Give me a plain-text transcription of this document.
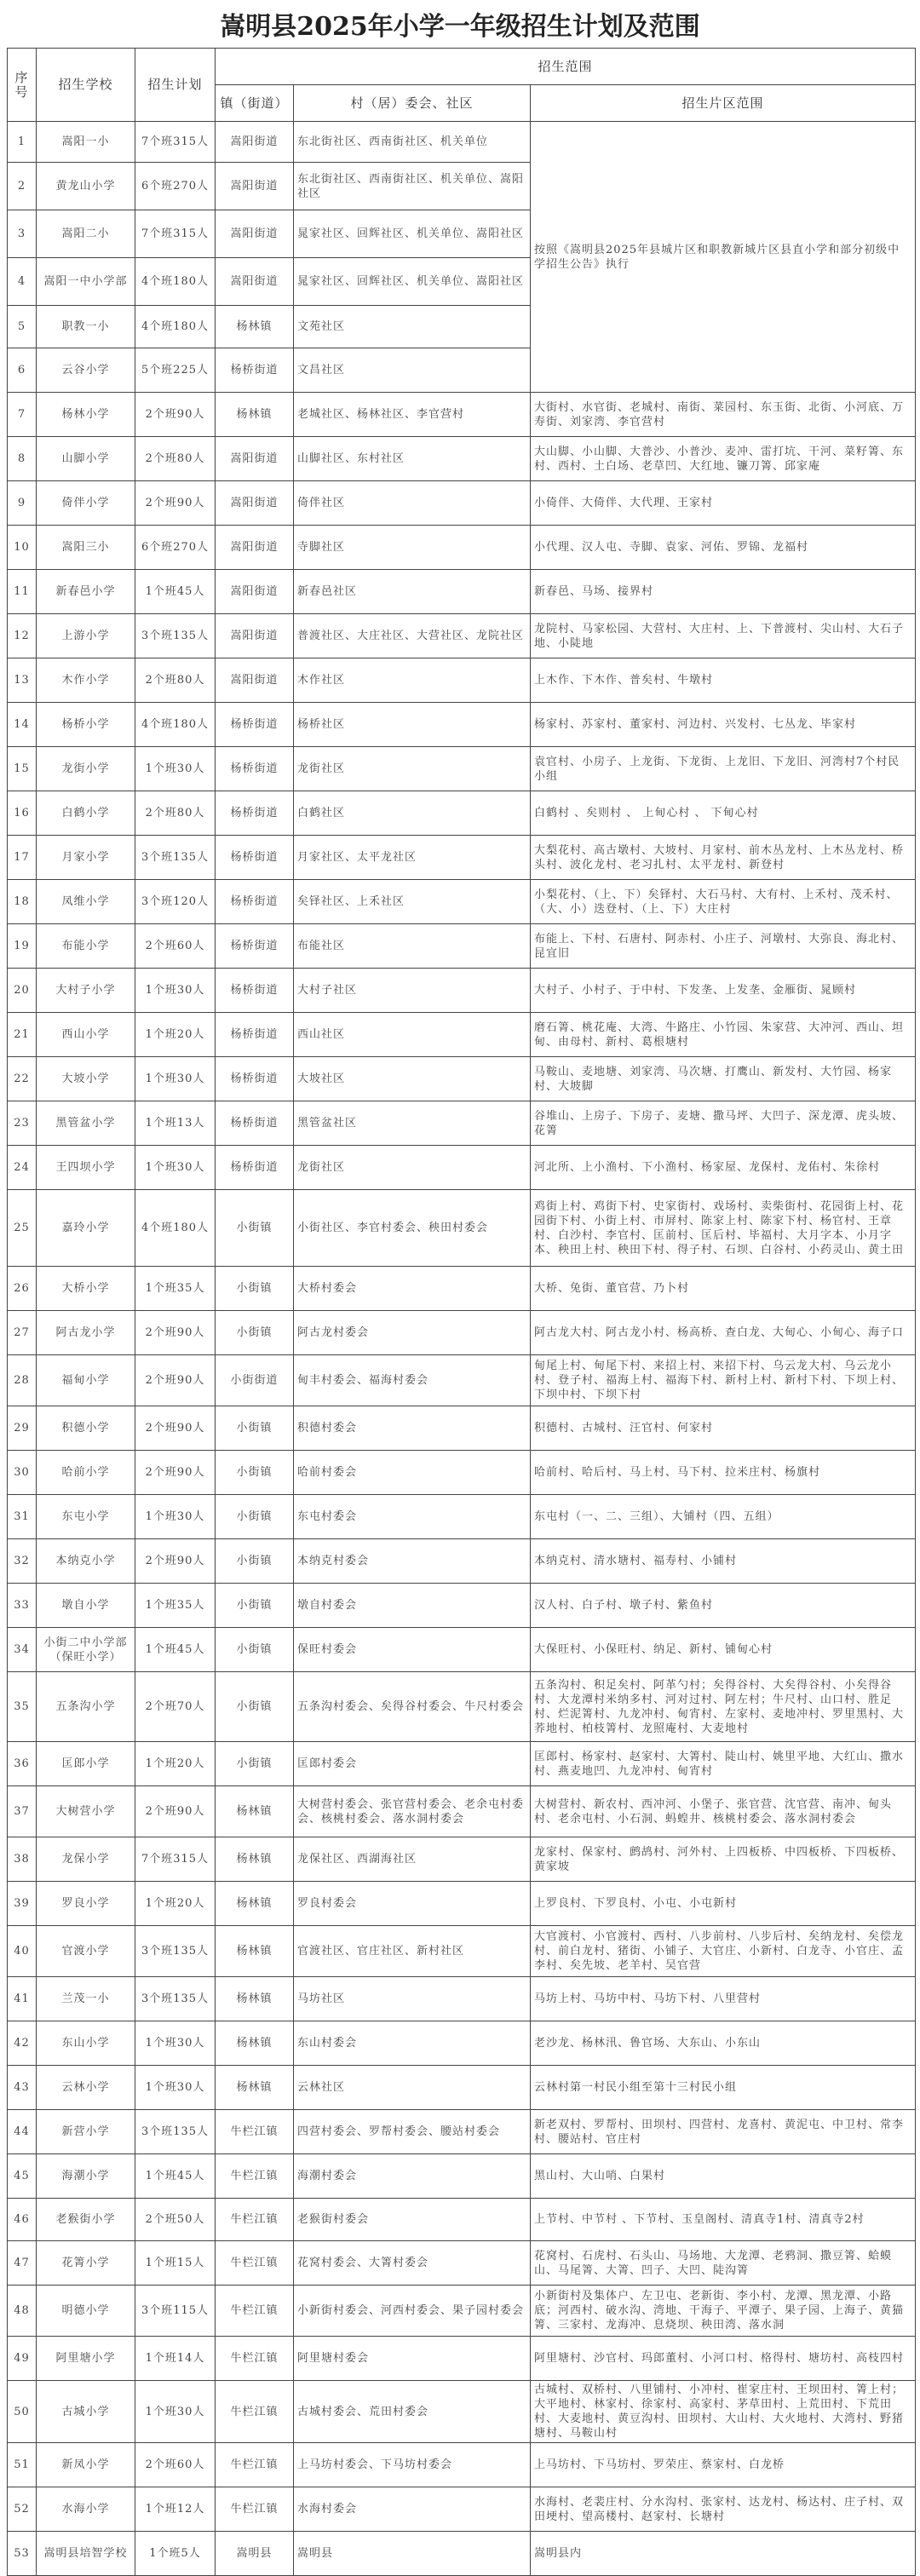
嵩明县2025年小学一年级招生计划及范围
序号	招生学校	招生计划	招生范围		
			镇（街道）	村（居）委会、社区	招生片区范围
1	嵩阳一小	7个班315人	嵩阳街道	东北街社区、西南街社区、机关单位	按照《嵩明县2025年县城片区和职教新城片区县直小学和部分初级中学招生公告》执行
2	黄龙山小学	6个班270人	嵩阳街道	东北街社区、西南街社区、机关单位、嵩阳社区	
3	嵩阳二小	7个班315人	嵩阳街道	晁家社区、回辉社区、机关单位、嵩阳社区	
4	嵩阳一中小学部	4个班180人	嵩阳街道	晁家社区、回辉社区、机关单位、嵩阳社区	
5	职教一小	4个班180人	杨林镇	文苑社区	
6	云谷小学	5个班225人	杨桥街道	文昌社区	
7	杨林小学	2个班90人	杨林镇	老城社区、杨林社区、李官营村	大街村、水官街、老城村、南街、菜园村、东玉街、北街、小河底、万寿街、刘家湾、李官营村
8	山脚小学	2个班80人	嵩阳街道	山脚社区、东村社区	大山脚、小山脚、大普沙、小普沙、麦冲、雷打坑、干河、菜籽箐、东村、西村、土白场、老草凹、大红地、镰刀箐、邱家庵
9	倚伴小学	2个班90人	嵩阳街道	倚伴社区	小倚伴、大倚伴、大代理、王家村
10	嵩阳三小	6个班270人	嵩阳街道	寺脚社区	小代理、汉人屯、寺脚、袁家、河佑、罗锦、龙福村
11	新春邑小学	1个班45人	嵩阳街道	新春邑社区	新春邑、马场、接界村
12	上游小学	3个班135人	嵩阳街道	普渡社区、大庄社区、大营社区、龙院社区	龙院村、马家松园、大营村、大庄村、上、下普渡村、尖山村、大石子地、小陡地
13	木作小学	2个班80人	嵩阳街道	木作社区	上木作、下木作、普矣村、牛墩村
14	杨桥小学	4个班180人	杨桥街道	杨桥社区	杨家村、苏家村、董家村、河边村、兴发村、七丛龙、毕家村
15	龙街小学	1个班30人	杨桥街道	龙街社区	袁官村、小房子、上龙街、下龙街、上龙旧、下龙旧、河湾村7个村民小组
16	白鹤小学	2个班80人	杨桥街道	白鹤社区	白鹤村 、矣则村 、 上甸心村 、 下甸心村
17	月家小学	3个班135人	杨桥街道	月家社区、太平龙社区	大梨花村、高古墩村、大坡村、月家村、前木丛龙村、上木丛龙村、桥头村、波化龙村、老习扎村、太平龙村、新登村
18	凤维小学	3个班120人	杨桥街道	矣铎社区、上禾社区	小梨花村、（上、下）矣铎村、大石马村、大有村、上禾村、茂禾村、（大、小）迭登村、（上、下）大庄村
19	布能小学	2个班60人	杨桥街道	布能社区	布能上、下村、石唐村、阿赤村、小庄子、河墩村、大弥良、海北村、昆宜旧
20	大村子小学	1个班30人	杨桥街道	大村子社区	大村子、小村子、于中村、下发垄、上发垄、金雁街、晁顾村
21	西山小学	1个班20人	杨桥街道	西山社区	磨石箐、桃花庵、大湾、牛路庄、小竹园、朱家营、大冲河、西山、坦甸、由母村、新村、葛根塘村
22	大坡小学	1个班30人	杨桥街道	大坡社区	马鞍山、麦地塘、刘家湾、马次塘、打鹰山、新发村、大竹园、杨家村、大坡脚
23	黑管盆小学	1个班13人	杨桥街道	黑管盆社区	谷堆山、上房子、下房子、麦塘、撒马坪、大凹子、深龙潭、虎头坡、花箐
24	王四坝小学	1个班30人	杨桥街道	龙街社区	河北所、上小渔村、下小渔村、杨家屋、龙保村、龙佑村、朱徐村
25	嘉玲小学	4个班180人	小街镇	小街社区、李官村委会、秧田村委会	鸡街上村、鸡街下村、史家街村、戏场村、卖柴街村、花园街上村、花园街下村、小街上村、市屏村、陈家上村、陈家下村、杨官村、王章村、白沙村、李官村、匡前村、匡后村、毕福村、大月字本、小月字本、秧田上村、秧田下村、得子村、石坝、白谷村、小药灵山、黄土田
26	大桥小学	1个班35人	小街镇	大桥村委会	大桥、兔街、董官营、乃卜村
27	阿古龙小学	2个班90人	小街镇	阿古龙村委会	阿古龙大村、阿古龙小村、杨高桥、查白龙、大甸心、小甸心、海子口
28	福甸小学	2个班90人	小街街道	甸丰村委会、福海村委会	甸尾上村、甸尾下村、来招上村、来招下村、乌云龙大村、乌云龙小村、登子村、福海上村、福海下村、新村上村、新村下村、下坝上村、下坝中村、下坝下村
29	积德小学	2个班90人	小街镇	积德村委会	积德村、古城村、汪官村、何家村
30	哈前小学	2个班90人	小街镇	哈前村委会	哈前村、哈后村、马上村、马下村、拉米庄村、杨旗村
31	东屯小学	1个班30人	小街镇	东屯村委会	东屯村（一、二、三组）、大铺村（四、五组）
32	本纳克小学	2个班90人	小街镇	本纳克村委会	本纳克村、清水塘村、福寿村、小铺村
33	墩自小学	1个班35人	小街镇	墩自村委会	汉人村、白子村、墩子村、紫鱼村
34	小街二中小学部（保旺小学）	1个班45人	小街镇	保旺村委会	大保旺村、小保旺村、纳足、新村、铺甸心村
35	五条沟小学	2个班70人	小街镇	五条沟村委会、矣得谷村委会、牛尺村委会	五条沟村、积足矣村、阿革勺村；矣得谷村、大矣得谷村、小矣得谷村、大龙潭村米纳多村、河对过村、阿左村；牛尺村、山口村、胜足村、烂泥箐村、九龙冲村、甸宵村、左家村、麦地冲村、罗里黑村、大荞地村、柏枝箐村、龙照庵村、大麦地村
36	匡郎小学	1个班20人	小街镇	匡郎村委会	匡郎村、杨家村、赵家村、大箐村、陡山村、姚里平地、大红山、撒水村、燕麦地凹、九龙冲村、甸宵村
37	大树营小学	2个班90人	杨林镇	大树营村委会、张官营村委会、老余屯村委会、核桃村委会、落水洞村委会	大树营村、新农村、西冲河、小堡子、张官营、沈官营、南冲、甸头村、老余屯村、小石洞、蚂蝗井、核桃村委会、落水洞村委会
38	龙保小学	7个班315人	杨林镇	龙保社区、西湖海社区	龙家村、保家村、鹧鸪村、河外村、上四板桥、中四板桥、下四板桥、黄家坡
39	罗良小学	1个班20人	杨林镇	罗良村委会	上罗良村、下罗良村、小屯、小屯新村
40	官渡小学	3个班135人	杨林镇	官渡社区、官庄社区、新村社区	大官渡村、小官渡村、西村、八步前村、八步后村、矣纳龙村、矣偿龙村、前白龙村、猪街、小铺子、大官庄、小新村、白龙寺、小官庄、孟李村、矣先坡、老羊村、吴官营
41	兰茂一小	3个班135人	杨林镇	马坊社区	马坊上村、马坊中村、马坊下村、八里营村
42	东山小学	1个班30人	杨林镇	东山村委会	老沙龙、杨林汛、鲁官场、大东山、小东山
43	云林小学	1个班30人	杨林镇	云林社区	云林村第一村民小组至第十三村民小组
44	新营小学	3个班135人	牛栏江镇	四营村委会、罗帮村委会、腰站村委会	新老双村、罗帮村、田坝村、四营村、龙喜村、黄泥屯、中卫村、常李村、腰站村、官庄村
45	海潮小学	1个班45人	牛栏江镇	海潮村委会	黑山村、大山哨、白果村
46	老猴街小学	2个班50人	牛栏江镇	老猴街村委会	上节村、中节村 、下节村、玉皇阁村、清真寺1村、清真寺2村
47	花箐小学	1个班15人	牛栏江镇	花窝村委会、大箐村委会	花窝村、石虎村、石头山、马场地、大龙潭、老鸦洞、撒豆箐、蛤蟆山、马尾箐、大箐、凹子、大凹、陡沟箐
48	明德小学	3个班115人	牛栏江镇	小新街村委会、河西村委会、果子园村委会	小新街村及集体户、左卫屯、老新街、李小村、龙潭、黑龙潭、小路底；河西村、破水沟、湾地、干海子、平潭子、果子园、上海子、黄猫箐、三家村、龙海冲、息烧坝、秧田湾、落水洞
49	阿里塘小学	1个班14人	牛栏江镇	阿里塘村委会	阿里塘村、沙官村、玛郎董村、小河口村、格得村、塘坊村、高枝四村
50	古城小学	1个班30人	牛栏江镇	古城村委会、荒田村委会	古城村、双桥村、八里铺村、小冲村、崔家庄村、王坝田村、箐上村；大平地村、林家村、徐家村、高家村、茅草田村、上荒田村、下荒田村、大麦地村、黄豆沟村、田坝村、大山村、大火地村、大湾村、野猪塘村、马鞍山村
51	新凤小学	2个班60人	牛栏江镇	上马坊村委会、下马坊村委会	上马坊村、下马坊村、罗荣庄、蔡家村、白龙桥
52	水海小学	1个班12人	牛栏江镇	水海村委会	水海村、老裴庄村、分水沟村、张家村、达龙村、杨达村、庄子村、双田埂村、望高楼村、赵家村、长塘村
53	嵩明县培智学校	1个班5人	嵩明县	嵩明县	嵩明县内
